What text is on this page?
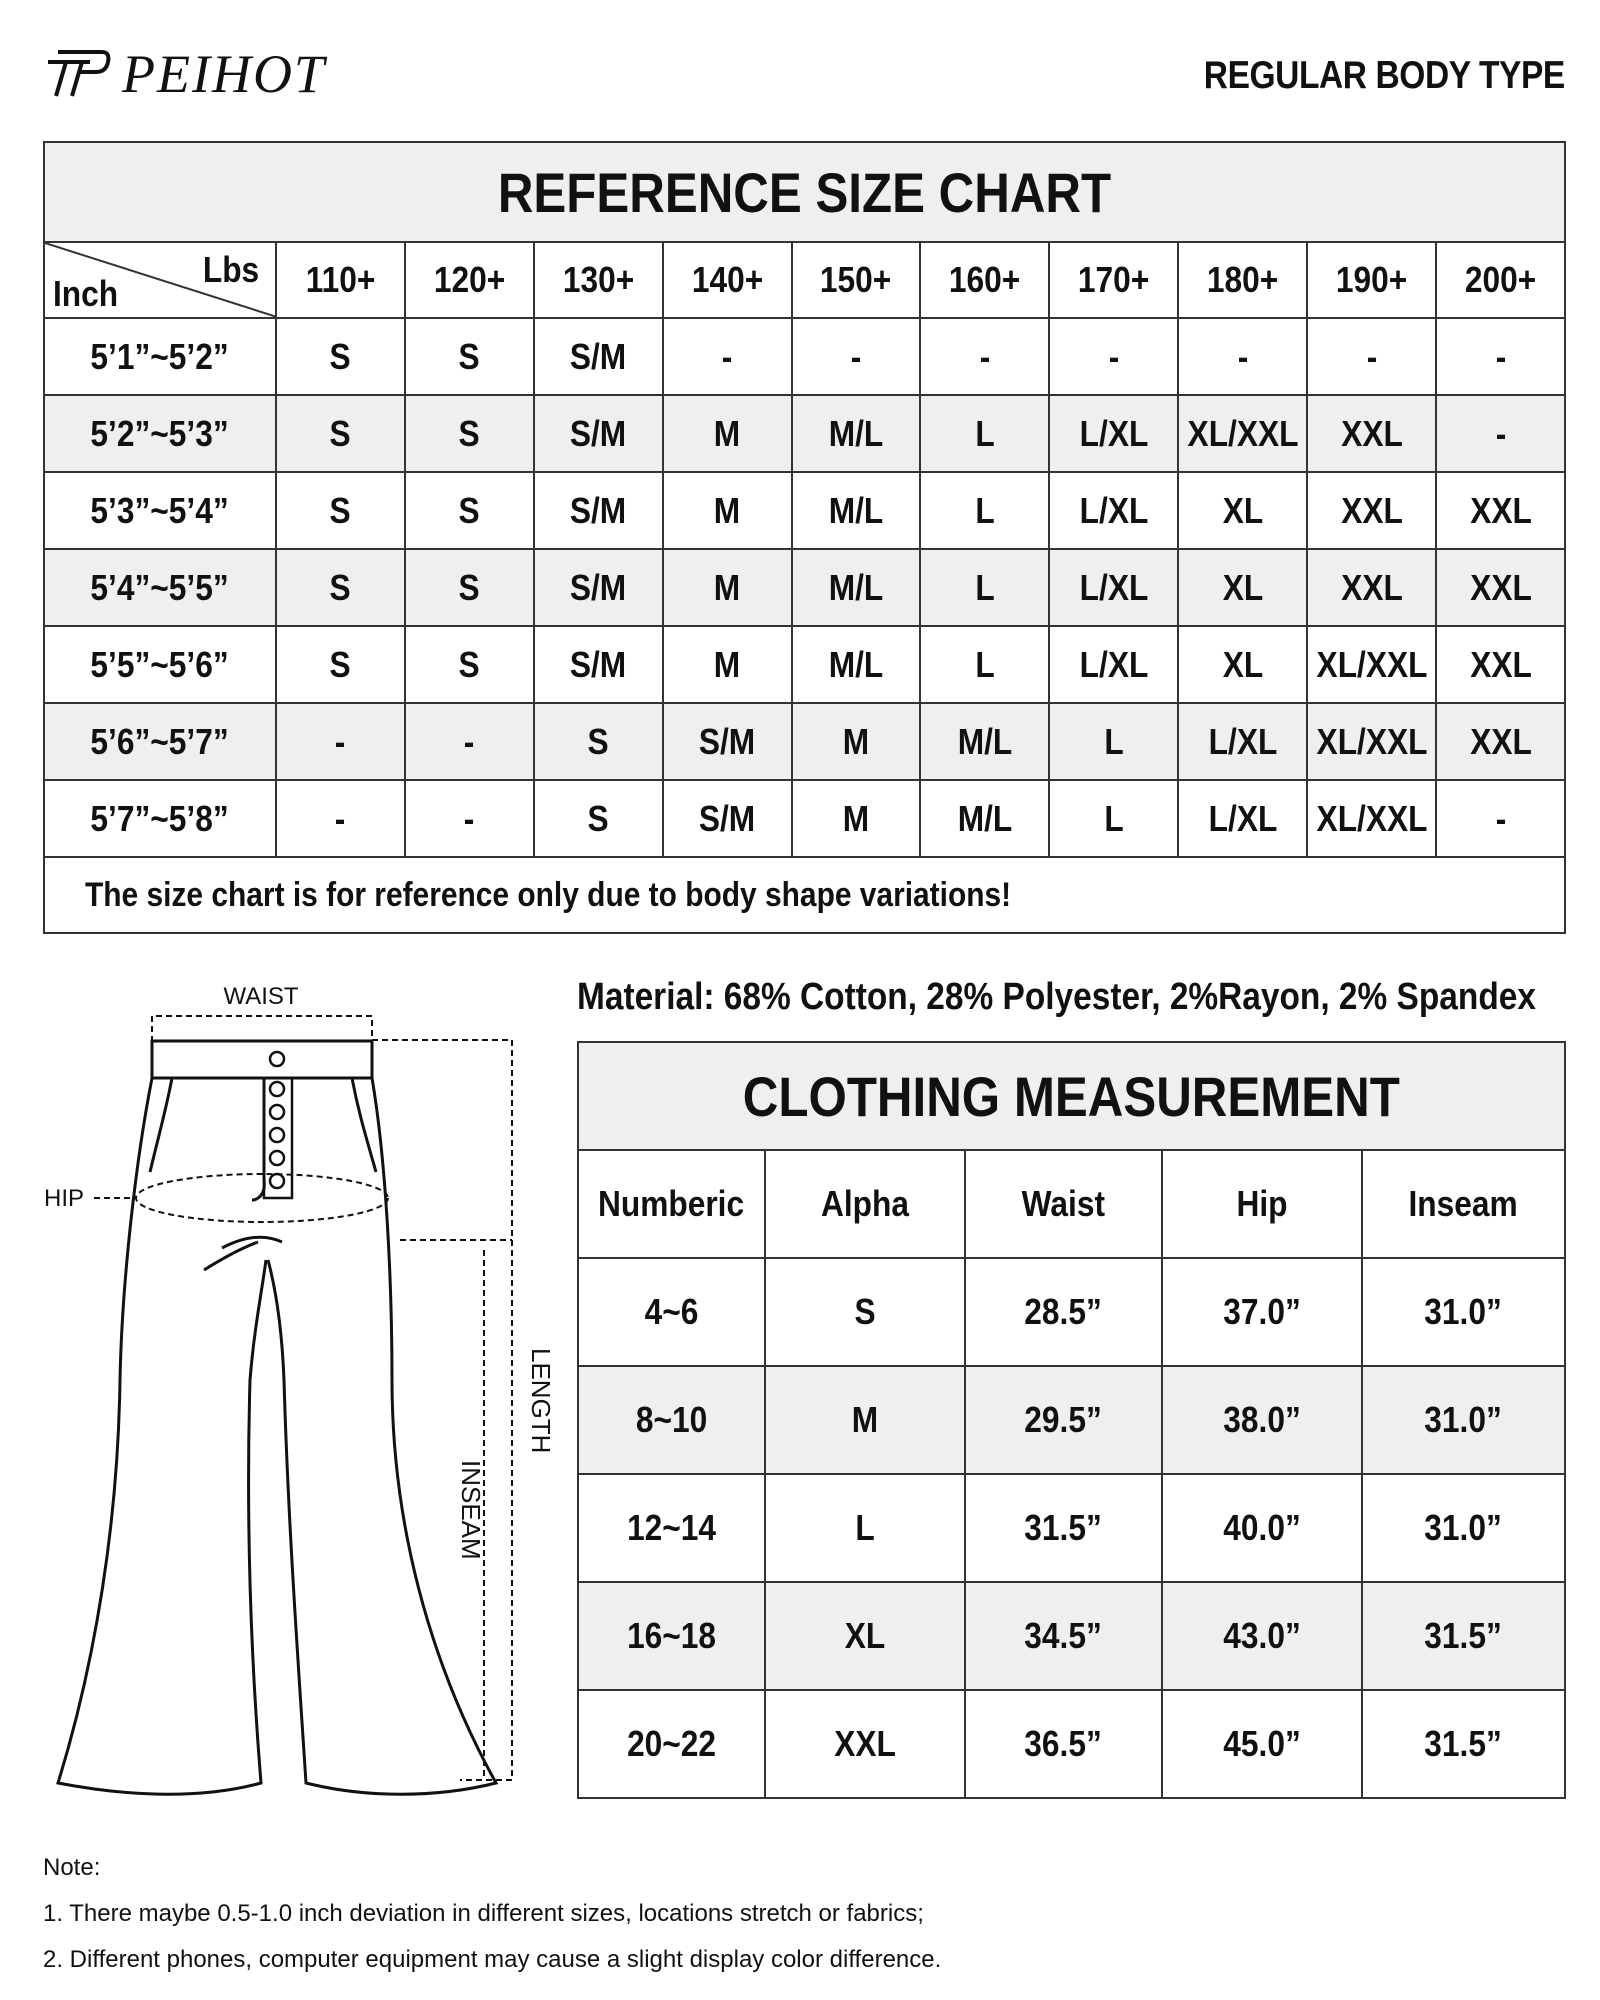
PEIHOT	REGULAR BODY TYPE
REFERENCE SIZE CHART										

Lbs
Inch	110+	120+	130+	140+	150+	160+	170+	180+	190+	200+
5’1”~5’2”	S	S	S/M	-	-	-	-	-	-	-
5’2”~5’3”	S	S	S/M	M	M/L	L	L/XL	XL/XXL	XXL	-
5’3”~5’4”	S	S	S/M	M	M/L	L	L/XL	XL	XXL	XXL
5’4”~5’5”	S	S	S/M	M	M/L	L	L/XL	XL	XXL	XXL
5’5”~5’6”	S	S	S/M	M	M/L	L	L/XL	XL	XL/XXL	XXL
5’6”~5’7”	-	-	S	S/M	M	M/L	L	L/XL	XL/XXL	XXL
5’7”~5’8”	-	-	S	S/M	M	M/L	L	L/XL	XL/XXL	-
The size chart is for reference only due to body shape variations!										
WAIST
HIP
LENGTH
INSEAM
Material: 68% Cotton, 28% Polyester, 2%Rayon, 2% Spandex
CLOTHING MEASUREMENT				
Numberic	Alpha	Waist	Hip	Inseam
4~6	S	28.5”	37.0”	31.0”
8~10	M	29.5”	38.0”	31.0”
12~14	L	31.5”	40.0”	31.0”
16~18	XL	34.5”	43.0”	31.5”
20~22	XXL	36.5”	45.0”	31.5”
Note:
1. There maybe 0.5-1.0 inch deviation in different sizes, locations stretch or fabrics;
2. Different phones, computer equipment may cause a slight display color difference.
